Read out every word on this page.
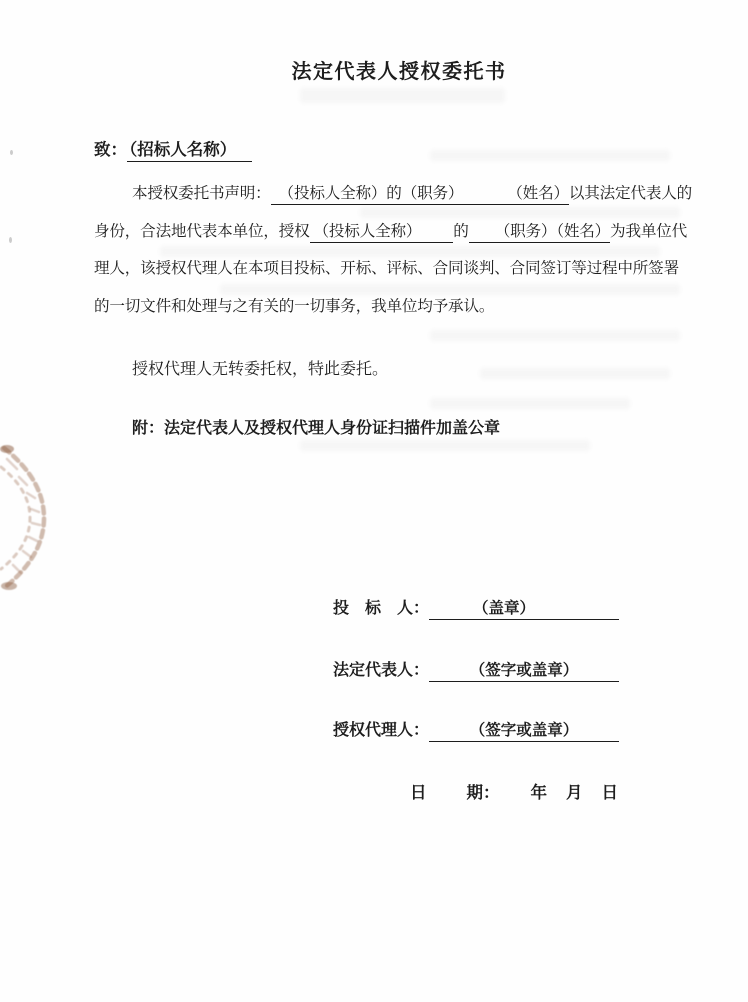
法定代表人授权委托书
致： （招标人名称）
本授权委托书声明： （投标人全称）的（职务）	（姓名）以其法定代表人的
身份，合法地代表本单位，授权 （投标人全称） 的 （职务）（姓名）为我单位代
理人，该授权代理人在本项目投标、开标、评标、合同谈判、合同签订等过程中所签署
的一切文件和处理与之有关的一切事务，我单位均予承认。
授权代理人无转委托权，特此委托。
附：法定代表人及授权代理人身份证扫描件加盖公章
投　标　人：	（盖章）
法定代表人：	（签字或盖章）
授权代理人：	（签字或盖章）
日 期： 年 月 日
